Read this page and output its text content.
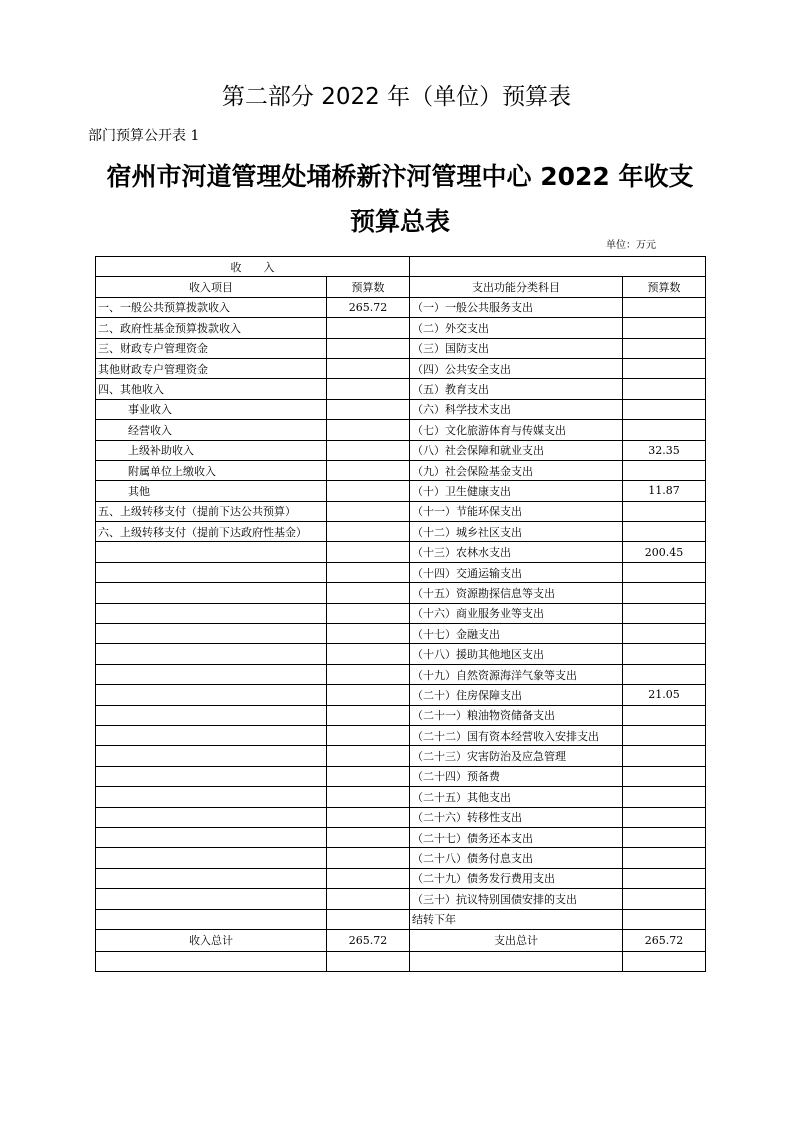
第二部分 2022 年（单位）预算表
部门预算公开表 1
宿州市河道管理处埇桥新汴河管理中心 2022 年收支
预算总表
单位：万元
收　　入			
收入项目	预算数	支出功能分类科目	预算数
一、一般公共预算拨款收入	265.72	（一）一般公共服务支出	
二、政府性基金预算拨款收入		（二）外交支出	
三、财政专户管理资金		（三）国防支出	
其他财政专户管理资金		（四）公共安全支出	
四、其他收入		（五）教育支出	
事业收入		（六）科学技术支出	
经营收入		（七）文化旅游体育与传媒支出	
上级补助收入		（八）社会保障和就业支出	32.35
附属单位上缴收入		（九）社会保险基金支出	
其他		（十）卫生健康支出	11.87
五、上级转移支付（提前下达公共预算）		（十一）节能环保支出	
六、上级转移支付（提前下达政府性基金）		（十二）城乡社区支出	
		（十三）农林水支出	200.45
		（十四）交通运输支出	
		（十五）资源勘探信息等支出	
		（十六）商业服务业等支出	
		（十七）金融支出	
		（十八）援助其他地区支出	
		（十九）自然资源海洋气象等支出	
		（二十）住房保障支出	21.05
		（二十一）粮油物资储备支出	
		（二十二）国有资本经营收入安排支出	
		（二十三）灾害防治及应急管理	
		（二十四）预备费	
		（二十五）其他支出	
		（二十六）转移性支出	
		（二十七）债务还本支出	
		（二十八）债务付息支出	
		（二十九）债务发行费用支出	
		（三十）抗议特别国债安排的支出	
		结转下年	
收入总计	265.72	支出总计	265.72
